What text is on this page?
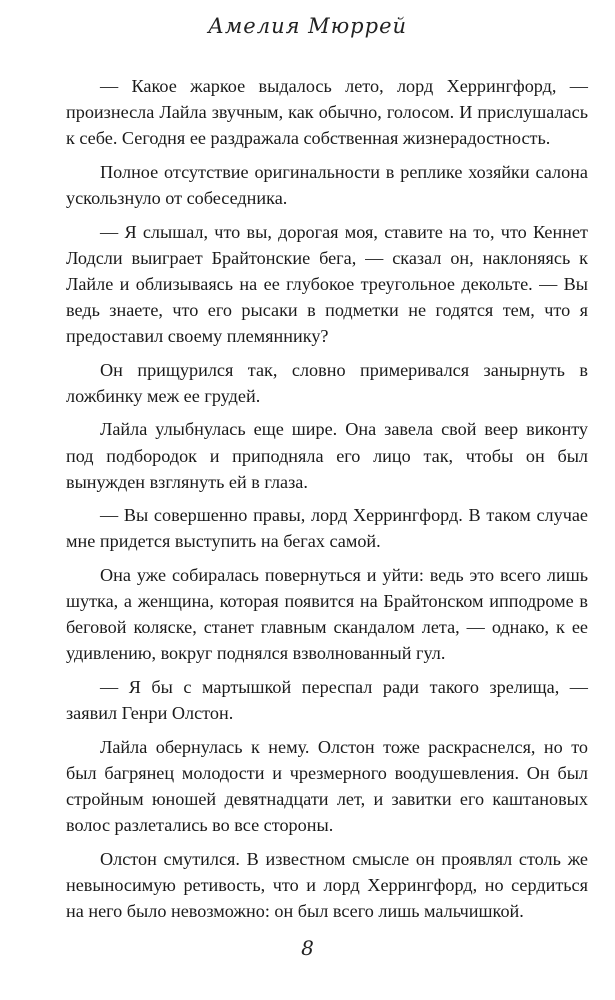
Амелия Мюррей

— Какое жаркое выдалось лето, лорд Херрингфорд, — произнесла Лайла звучным, как обычно, голосом. И прислушалась к себе. Сегодня ее раздражала собственная жизнерадостность.

Полное отсутствие оригинальности в реплике хозяйки салона ускользнуло от собеседника.

— Я слышал, что вы, дорогая моя, ставите на то, что Кеннет Лодсли выиграет Брайтонские бега, — сказал он, наклоняясь к Лайле и облизываясь на ее глубокое треугольное декольте. — Вы ведь знаете, что его рысаки в подметки не годятся тем, что я предоставил своему племяннику?

Он прищурился так, словно примеривался занырнуть в ложбинку меж ее грудей.

Лайла улыбнулась еще шире. Она завела свой веер виконту под подбородок и приподняла его лицо так, чтобы он был вынужден взглянуть ей в глаза.

— Вы совершенно правы, лорд Херрингфорд. В таком случае мне придется выступить на бегах самой.

Она уже собиралась повернуться и уйти: ведь это всего лишь шутка, а женщина, которая появится на Брайтонском ипподроме в беговой коляске, станет главным скандалом лета, — однако, к ее удивлению, вокруг поднялся взволнованный гул.

— Я бы с мартышкой переспал ради такого зрелища, — заявил Генри Олстон.

Лайла обернулась к нему. Олстон тоже раскраснелся, но то был багрянец молодости и чрезмерного воодушевления. Он был стройным юношей девятнадцати лет, и завитки его каштановых волос разлетались во все стороны.

Олстон смутился. В известном смысле он проявлял столь же невыносимую ретивость, что и лорд Херрингфорд, но сердиться на него было невозможно: он был всего лишь мальчишкой.

8
